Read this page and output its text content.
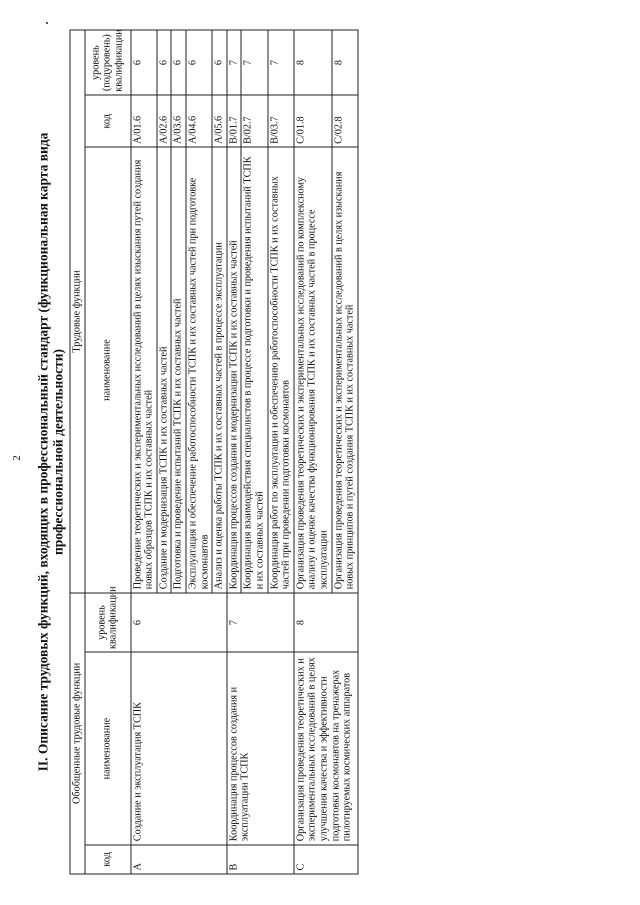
2 II. Описание трудовых функций, входящих в профессиональный стандарт (функциональная карта вида профессиональной деятельности)
Обобщенные трудовые функции			Трудовые функции		
код	наименование	уровень квалификации	наименование	код	уровень (подуровень) квалификации
A	Создание и эксплуатация ТСПК	6	Проведение теоретических и экспериментальных исследований в целях изыскания путей создания новых образцов ТСПК и их составных частей	A/01.6	6
			Создание и модернизация ТСПК и их составных частей	A/02.6	6
			Подготовка и проведение испытаний ТСПК и их составных частей	A/03.6	6
			Эксплуатация и обеспечение работоспособности ТСПК и их составных частей при подготовке космонавтов	A/04.6	6
			Анализ и оценка работы ТСПК и их составных частей в процессе эксплуатации	A/05.6	6
B	Координация процессов создания и эксплуатации ТСПК	7	Координация процессов создания и модернизации ТСПК и их составных частей	B/01.7	7
			Координация взаимодействия специалистов в процессе подготовки и проведения испытаний ТСПК и их составных частей	B/02.7	7
			Координация работ по эксплуатации и обеспечению работоспособности ТСПК и их составных частей при проведении подготовки космонавтов	B/03.7	7
C	Организация проведения теоретических и экспериментальных исследований в целях улучшения качества и эффективности подготовки космонавтов на тренажерах пилотируемых космических аппаратов	8	Организация проведения теоретических и экспериментальных исследований по комплексному анализу и оценке качества функционирования ТСПК и их составных частей в процессе эксплуатации	C/01.8	8
			Организация проведения теоретических и экспериментальных исследований в целях изыскания новых принципов и путей создания ТСПК и их составных частей	C/02.8	8
